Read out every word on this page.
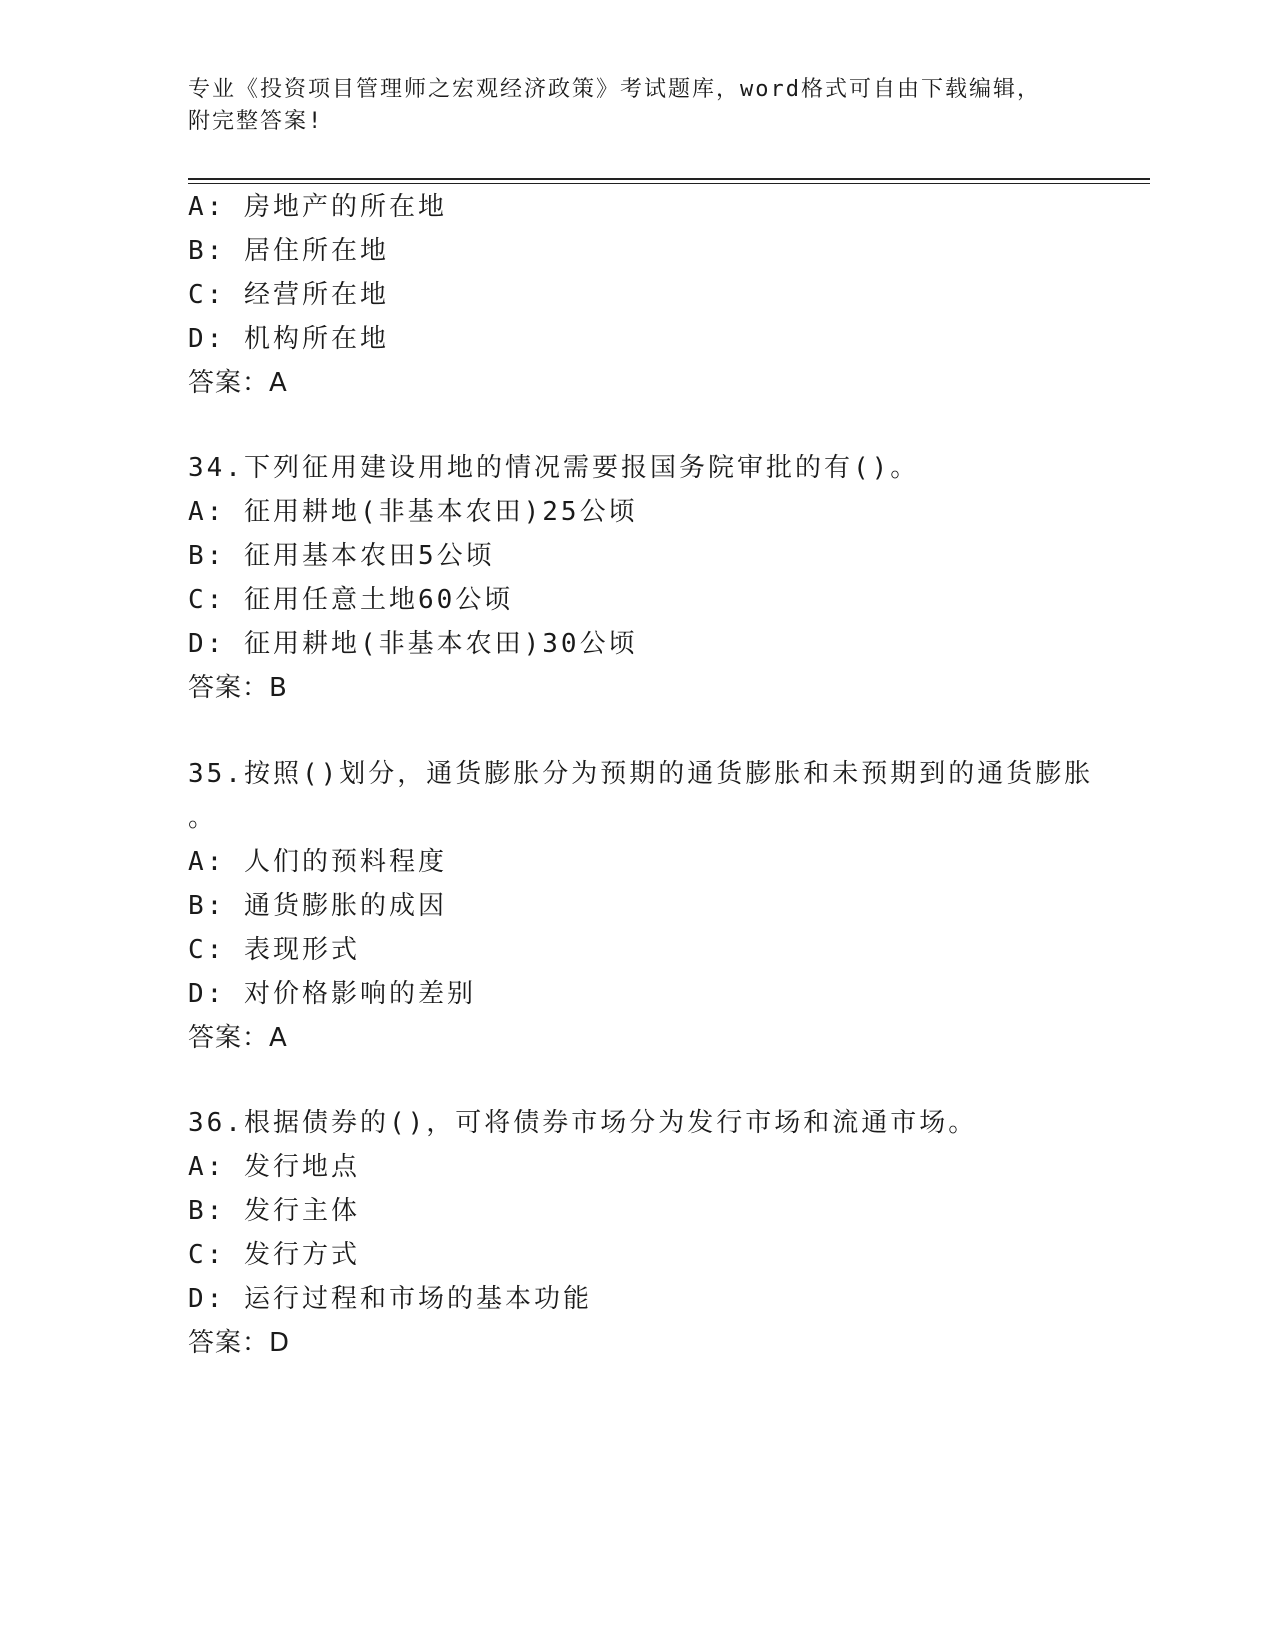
专业《投资项目管理师之宏观经济政策》考试题库，word格式可自由下载编辑，
附完整答案!
A: 房地产的所在地
B: 居住所在地
C: 经营所在地
D: 机构所在地
答案：A
34.下列征用建设用地的情况需要报国务院审批的有()。
A: 征用耕地(非基本农田)25公顷
B: 征用基本农田5公顷
C: 征用任意土地60公顷
D: 征用耕地(非基本农田)30公顷
答案：B
35.按照()划分，通货膨胀分为预期的通货膨胀和未预期到的通货膨胀
。
A: 人们的预料程度
B: 通货膨胀的成因
C: 表现形式
D: 对价格影响的差别
答案：A
36.根据债券的()，可将债券市场分为发行市场和流通市场。
A: 发行地点
B: 发行主体
C: 发行方式
D: 运行过程和市场的基本功能
答案：D
